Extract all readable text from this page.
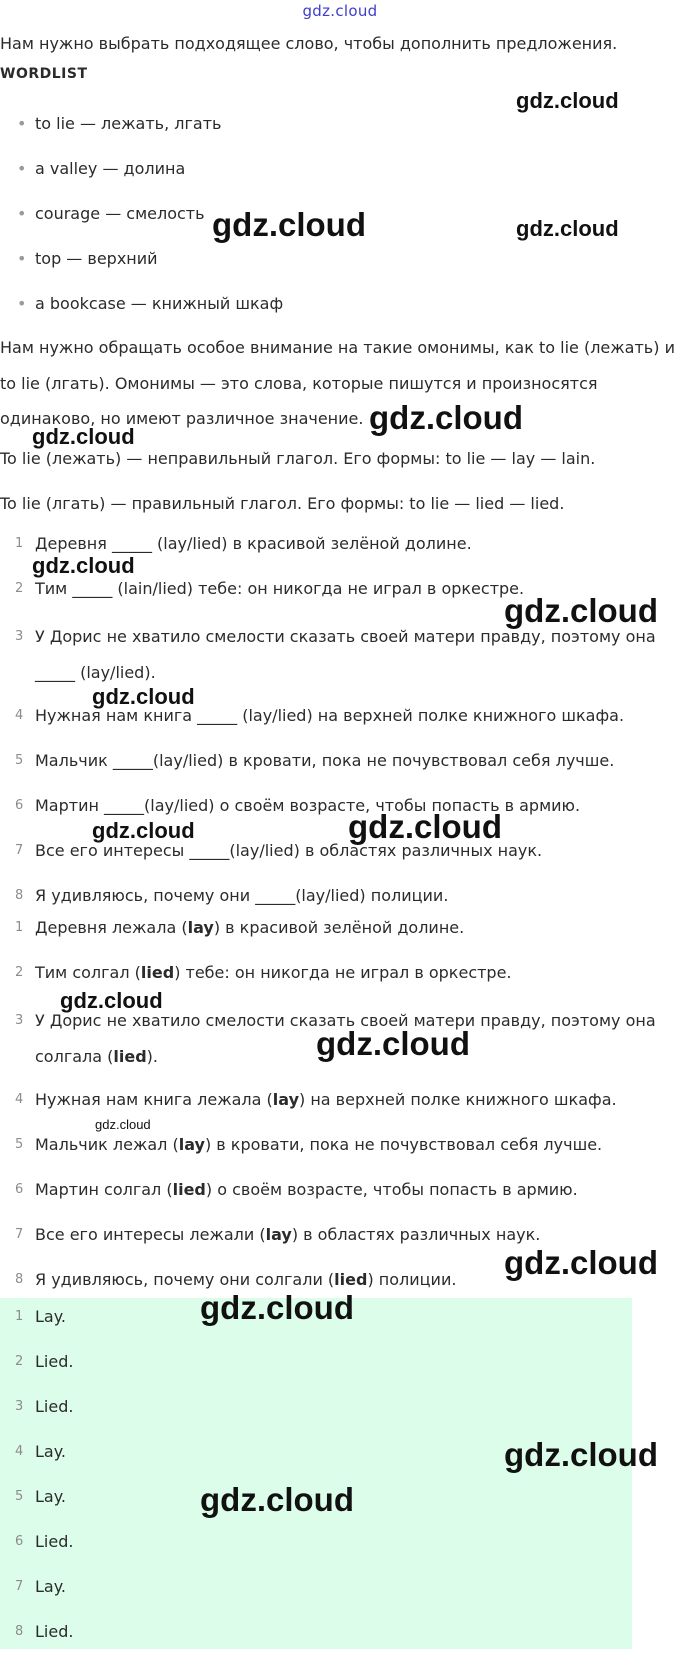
gdz.cloud

Нам нужно выбрать подходящее слово, чтобы дополнить предложения.

WORDLIST
• to lie — лежать, лгать
• a valley — долина
• courage — смелость
• top — верхний
• a bookcase — книжный шкаф

Нам нужно обращать особое внимание на такие омонимы, как to lie (лежать) и to lie (лгать). Омонимы — это слова, которые пишутся и произносятся одинаково, но имеют различное значение.

To lie (лежать) — неправильный глагол. Его формы: to lie — lay — lain.

To lie (лгать) — правильный глагол. Его формы: to lie — lied — lied.

1 Деревня _____ (lay/lied) в красивой зелёной долине.
2 Тим _____ (lain/lied) тебе: он никогда не играл в оркестре.
3 У Дорис не хватило смелости сказать своей матери правду, поэтому она _____ (lay/lied).
4 Нужная нам книга _____ (lay/lied) на верхней полке книжного шкафа.
5 Мальчик _____(lay/lied) в кровати, пока не почувствовал себя лучше.
6 Мартин _____(lay/lied) о своём возрасте, чтобы попасть в армию.
7 Все его интересы _____(lay/lied) в областях различных наук.
8 Я удивляюсь, почему они _____(lay/lied) полиции.
1 Деревня лежала (lay) в красивой зелёной долине.
2 Тим солгал (lied) тебе: он никогда не играл в оркестре.
3 У Дорис не хватило смелости сказать своей матери правду, поэтому она солгала (lied).
4 Нужная нам книга лежала (lay) на верхней полке книжного шкафа.
5 Мальчик лежал (lay) в кровати, пока не почувствовал себя лучше.
6 Мартин солгал (lied) о своём возрасте, чтобы попасть в армию.
7 Все его интересы лежали (lay) в областях различных наук.
8 Я удивляюсь, почему они солгали (lied) полиции.
1 Lay.
2 Lied.
3 Lied.
4 Lay.
5 Lay.
6 Lied.
7 Lay.
8 Lied.
gdz.cloud
gdz.cloud	gdz.cloud
gdz.cloud
gdz.cloud
gdz.cloud
gdz.cloud
gdz.cloud
gdz.cloud
gdz.cloud
gdz.cloud
gdz.cloud
gdz.cloud
gdz.cloud
gdz.cloud
gdz.cloud
gdz.cloud
